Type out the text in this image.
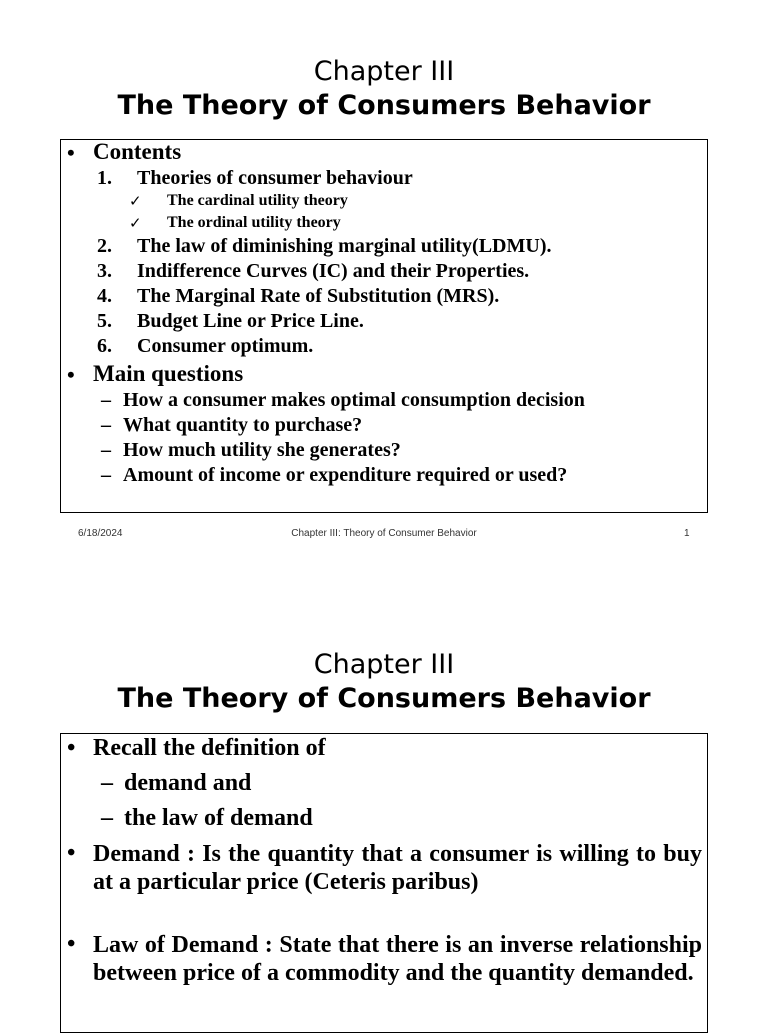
Chapter III
The Theory of Consumers Behavior
• Contents
1. Theories of consumer behaviour
✓ The cardinal utility theory
✓ The ordinal utility theory
2. The law of diminishing marginal utility(LDMU).
3. Indifference Curves (IC) and their Properties.
4. The Marginal Rate of Substitution (MRS).
5. Budget Line or Price Line.
6. Consumer optimum.
• Main questions
– How a consumer makes optimal consumption decision
– What quantity to purchase?
– How much utility she generates?
– Amount of income or expenditure required or used?
6/18/2024	Chapter III: Theory of Consumer Behavior	1
Chapter III
The Theory of Consumers Behavior
• Recall the definition of
– demand and
– the law of demand
• Demand : Is the quantity that a consumer is willing to buy at a particular price (Ceteris paribus)
• Law of Demand : State that there is an inverse relationship between price of a commodity and the quantity demanded.
